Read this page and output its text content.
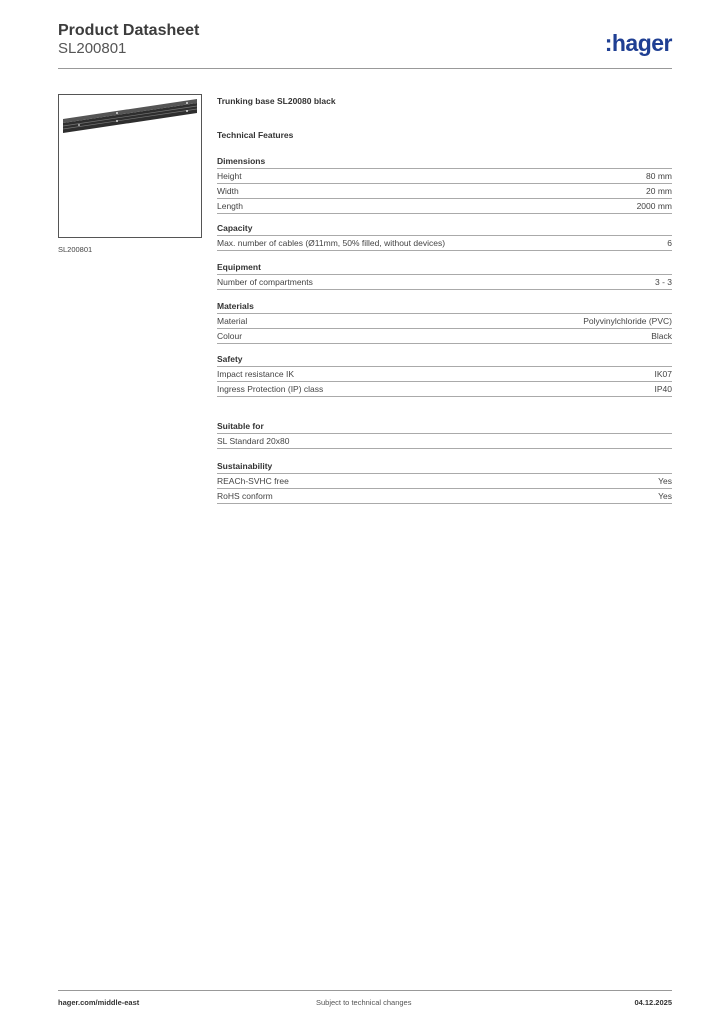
Product Datasheet
SL200801	:hager
SL200801
Trunking base SL20080 black
Technical Features
Dimensions
Height	80 mm
Width	20 mm
Length	2000 mm
Capacity
Max. number of cables (Ø11mm, 50% filled, without devices)	6
Equipment
Number of compartments	3 - 3
Materials
Material	Polyvinylchloride (PVC)
Colour	Black
Safety
Impact resistance IK	IK07
Ingress Protection (IP) class	IP40
Suitable for
SL Standard 20x80
Sustainability
REACh-SVHC free	Yes
RoHS conform	Yes
hager.com/middle-east	Subject to technical changes	04.12.2025
